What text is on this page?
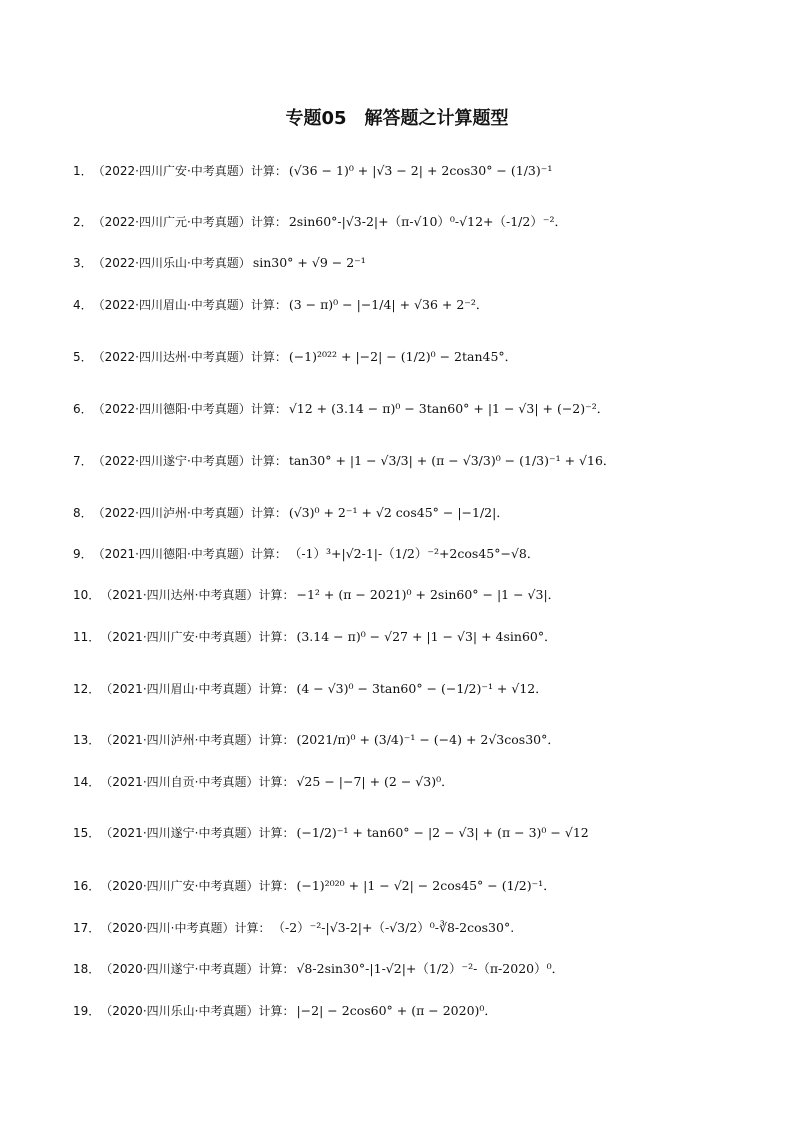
专题05　解答题之计算题型
1． （2022·四川广安·中考真题） 计算： (√36 − 1)⁰ + |√3 − 2| + 2cos30° − (1/3)⁻¹
2． （2022·四川广元·中考真题） 计算： 2sin60°-|√3-2|+（π-√10）⁰-√12+（-1/2）⁻²．
3． （2022·四川乐山·中考真题） sin30° + √9 − 2⁻¹
4． （2022·四川眉山·中考真题） 计算： (3 − π)⁰ − |−1/4| + √36 + 2⁻²．
5． （2022·四川达州·中考真题） 计算： (−1)²⁰²² + |−2| − (1/2)⁰ − 2tan45°．
6． （2022·四川德阳·中考真题） 计算： √12 + (3.14 − π)⁰ − 3tan60° + |1 − √3| + (−2)⁻²．
7． （2022·四川遂宁·中考真题） 计算： tan30° + |1 − √3/3| + (π − √3/3)⁰ − (1/3)⁻¹ + √16．
8． （2022·四川泸州·中考真题） 计算： (√3)⁰ + 2⁻¹ + √2 cos45° − |−1/2|．
9． （2021·四川德阳·中考真题） 计算： （-1）³+|√2-1|-（1/2）⁻²+2cos45°−√8．
10． （2021·四川达州·中考真题） 计算： −1² + (π − 2021)⁰ + 2sin60° − |1 − √3|．
11． （2021·四川广安·中考真题） 计算： (3.14 − π)⁰ − √27 + |1 − √3| + 4sin60°．
12． （2021·四川眉山·中考真题） 计算： (4 − √3)⁰ − 3tan60° − (−1/2)⁻¹ + √12．
13． （2021·四川泸州·中考真题） 计算： (2021/π)⁰ + (3/4)⁻¹ − (−4) + 2√3cos30°．
14． （2021·四川自贡·中考真题） 计算： √25 − |−7| + (2 − √3)⁰．
15． （2021·四川遂宁·中考真题） 计算： (−1/2)⁻¹ + tan60° − |2 − √3| + (π − 3)⁰ − √12
16． （2020·四川广安·中考真题） 计算： (−1)²⁰²⁰ + |1 − √2| − 2cos45° − (1/2)⁻¹．
17． （2020·四川·中考真题） 计算： （-2）⁻²-|√3-2|+（-√3/2）⁰-∛8-2cos30°.
18． （2020·四川遂宁·中考真题） 计算： √8-2sin30°-|1-√2|+（1/2）⁻²-（π-2020）⁰．
19． （2020·四川乐山·中考真题） 计算： |−2| − 2cos60° + (π − 2020)⁰．
